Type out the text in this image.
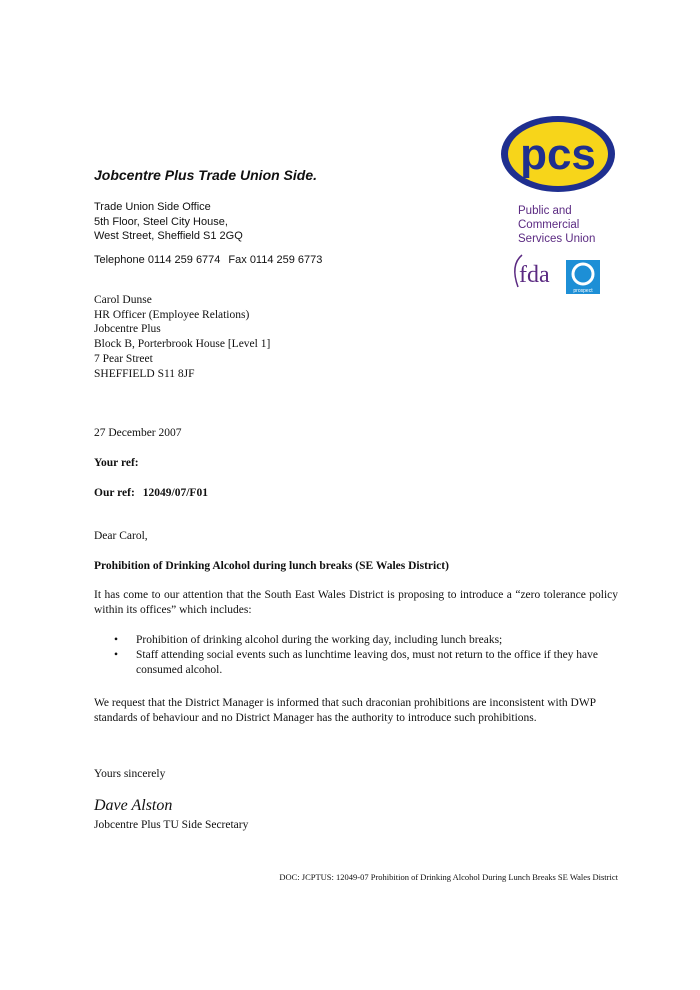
Jobcentre Plus Trade Union Side.
Trade Union Side Office
5th Floor, Steel City House,
West Street, Sheffield S1 2GQ
Telephone 0114 259 6774 Fax 0114 259 6773
pcs
Public and
Commercial
Services Union
fda
prospect
Carol Dunse
HR Officer (Employee Relations)
Jobcentre Plus
Block B, Porterbrook House [Level 1]
7 Pear Street
SHEFFIELD S11 8JF
27 December 2007
Your ref:
Our ref: 12049/07/F01
Dear Carol,
Prohibition of Drinking Alcohol during lunch breaks (SE Wales District)
It has come to our attention that the South East Wales District is proposing to introduce a “zero tolerance policy within its offices” which includes:
• Prohibition of drinking alcohol during the working day, including lunch breaks;
• Staff attending social events such as lunchtime leaving dos, must not return to the office if they have consumed alcohol.
We request that the District Manager is informed that such draconian prohibitions are inconsistent with DWP standards of behaviour and no District Manager has the authority to introduce such prohibitions.
Yours sincerely
Dave Alston
Jobcentre Plus TU Side Secretary
DOC: JCPTUS: 12049-07 Prohibition of Drinking Alcohol During Lunch Breaks SE Wales District
